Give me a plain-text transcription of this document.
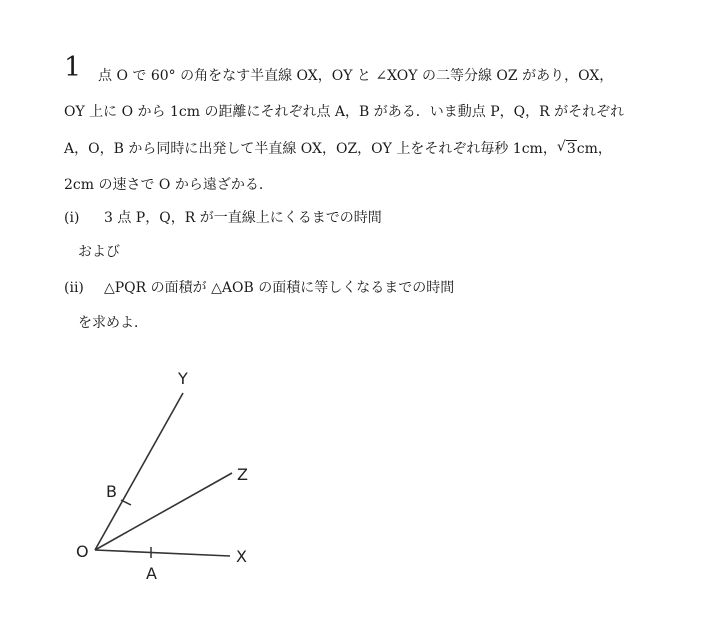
1 点 O で 60° の角をなす半直線 OX，OY と ∠XOY の二等分線 OZ があり，OX，
OY 上に O から 1cm の距離にそれぞれ点 A，B がある．いま動点 P，Q，R がそれぞれ
A，O，B から同時に出発して半直線 OX，OZ，OY 上をそれぞれ毎秒 1cm， √ 3cm，
2cm の速さで O から遠ざかる．
(i) 3 点 P，Q，R が一直線上にくるまでの時間
および
(ii) △PQR の面積が △AOB の面積に等しくなるまでの時間
を求めよ．
O
A
B
X
Y
Z
